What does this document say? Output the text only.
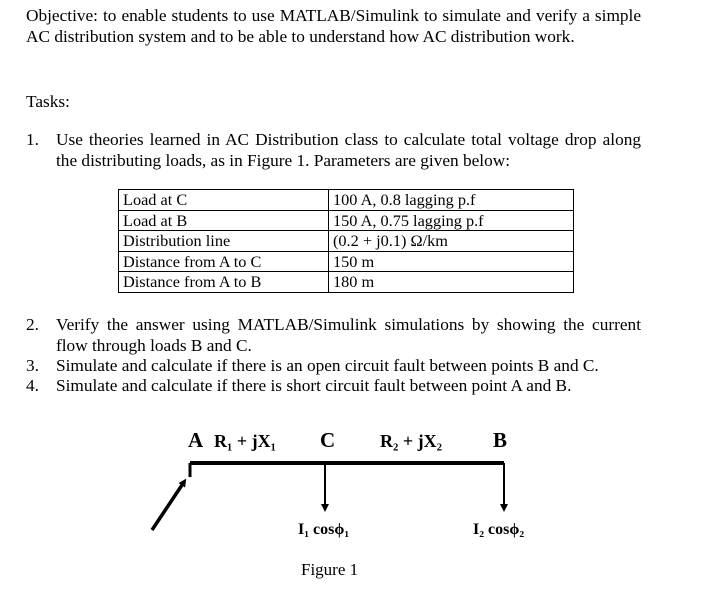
Objective: to enable students to use MATLAB/Simulink to simulate and verify a simple AC distribution system and to be able to understand how AC distribution work.
Tasks:
1. Use theories learned in AC Distribution class to calculate total voltage drop along the distributing loads, as in Figure 1. Parameters are given below:
Load at C	100 A, 0.8 lagging p.f
Load at B	150 A, 0.75 lagging p.f
Distribution line	(0.2 + j0.1) Ω/km
Distance from A to C	150 m
Distance from A to B	180 m
2. Verify the answer using MATLAB/Simulink simulations by showing the current flow through loads B and C.
3. Simulate and calculate if there is an open circuit fault between points B and C.
4. Simulate and calculate if there is short circuit fault between point A and B.
A R₁ + jX₁ C R₂ + jX₂ B
I₁ cosϕ₁	I₂ cosϕ₂
Figure 1
